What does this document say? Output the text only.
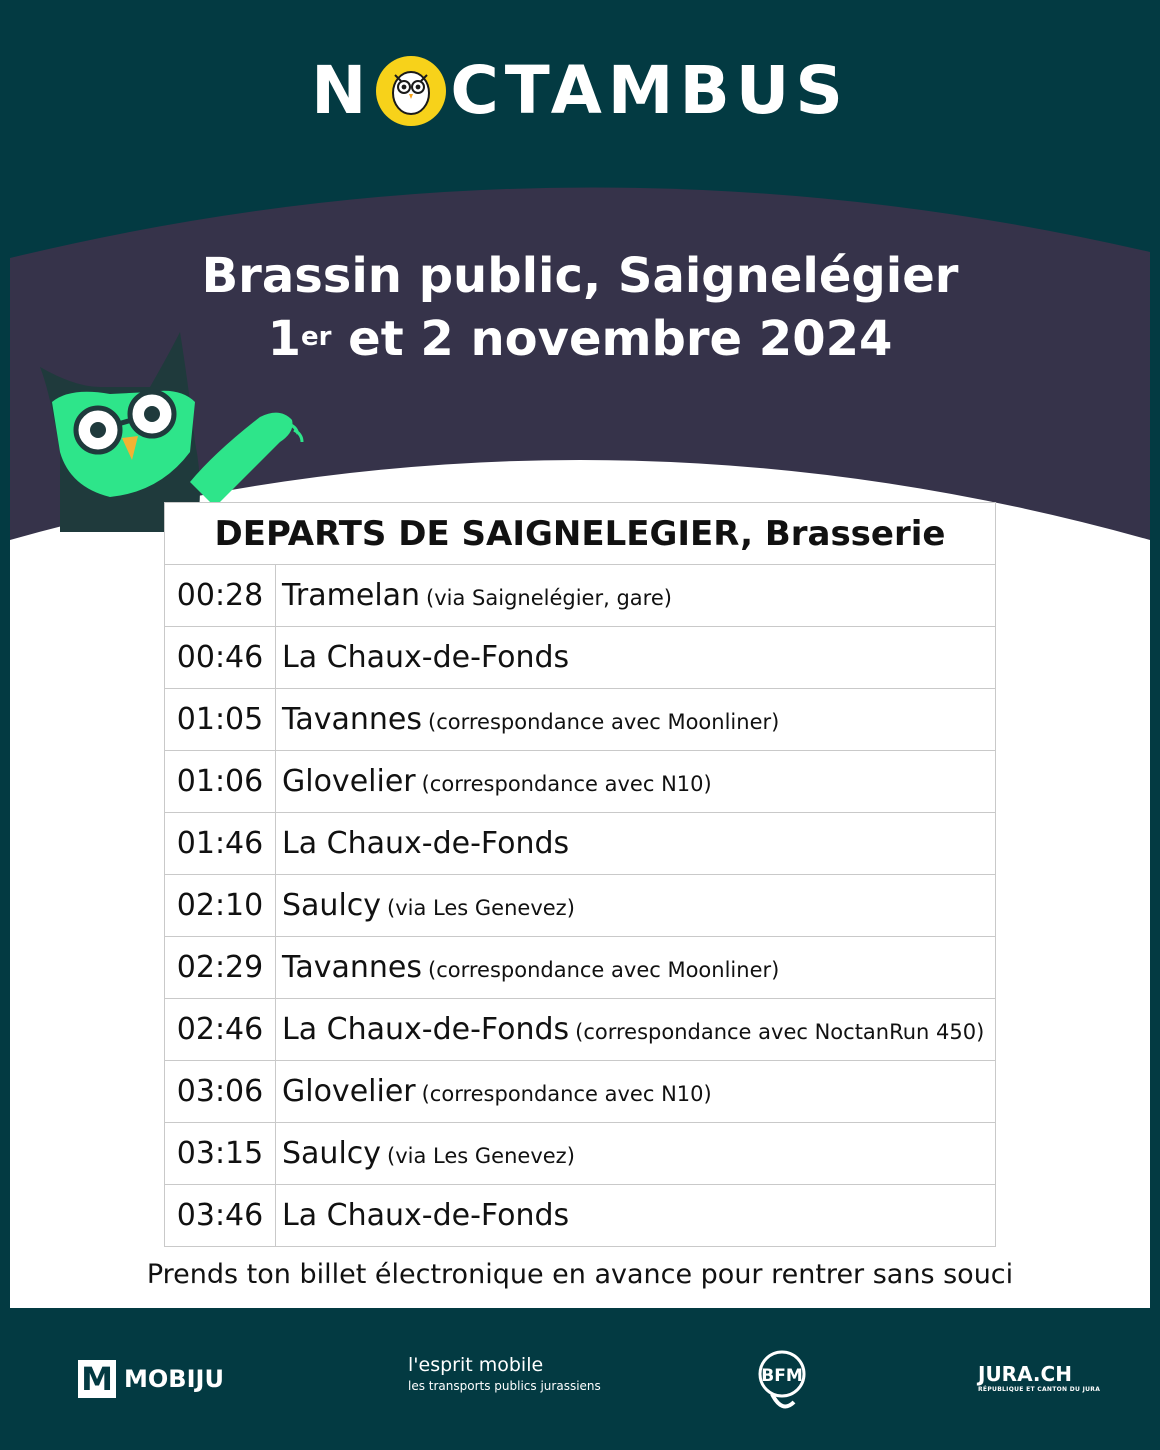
N CTAMBUS
Brassin public, Saignelégier
1er et 2 novembre 2024
DEPARTS DE SAIGNELEGIER, Brasserie	
00:28	Tramelan (via Saignelégier, gare)
00:46	La Chaux-de-Fonds
01:05	Tavannes (correspondance avec Moonliner)
01:06	Glovelier (correspondance avec N10)
01:46	La Chaux-de-Fonds
02:10	Saulcy (via Les Genevez)
02:29	Tavannes (correspondance avec Moonliner)
02:46	La Chaux-de-Fonds (correspondance avec NoctanRun 450)
03:06	Glovelier (correspondance avec N10)
03:15	Saulcy (via Les Genevez)
03:46	La Chaux-de-Fonds
Prends ton billet électronique en avance pour rentrer sans souci
M MOBIJU	l'esprit mobile
les transports publics jurassiens	BFM	JURA.CH
RÉPUBLIQUE ET CANTON DU JURA
